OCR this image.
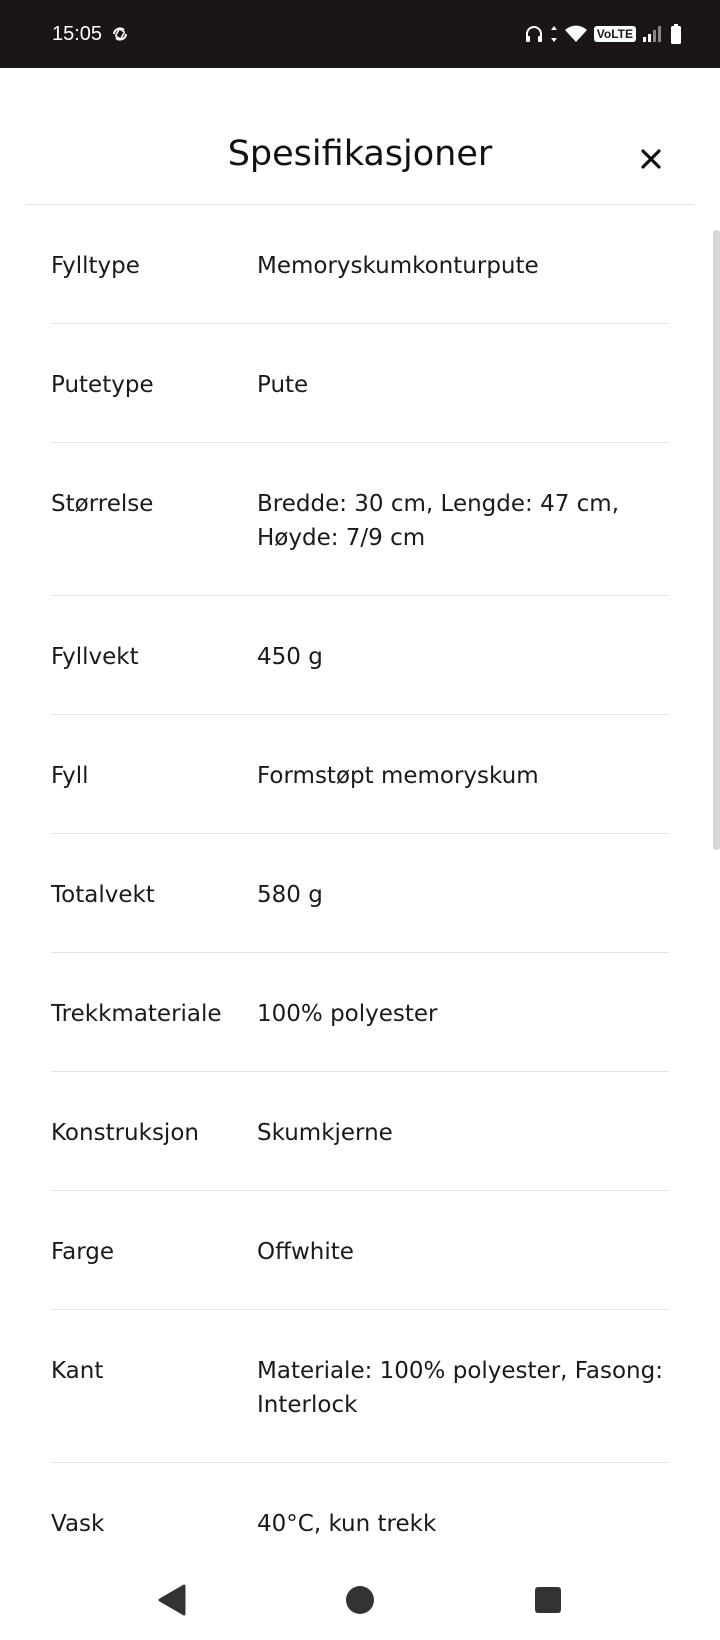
15:05	VoLTE
Spesifikasjoner
Fylltype	Memoryskumkonturpute
Putetype	Pute
Størrelse	Bredde: 30 cm, Lengde: 47 cm, Høyde: 7/9 cm
Fyllvekt	450 g
Fyll	Formstøpt memoryskum
Totalvekt	580 g
Trekkmateriale	100% polyester
Konstruksjon	Skumkjerne
Farge	Offwhite
Kant	Materiale: 100% polyester, Fasong: Interlock
Vask	40°C, kun trekk
